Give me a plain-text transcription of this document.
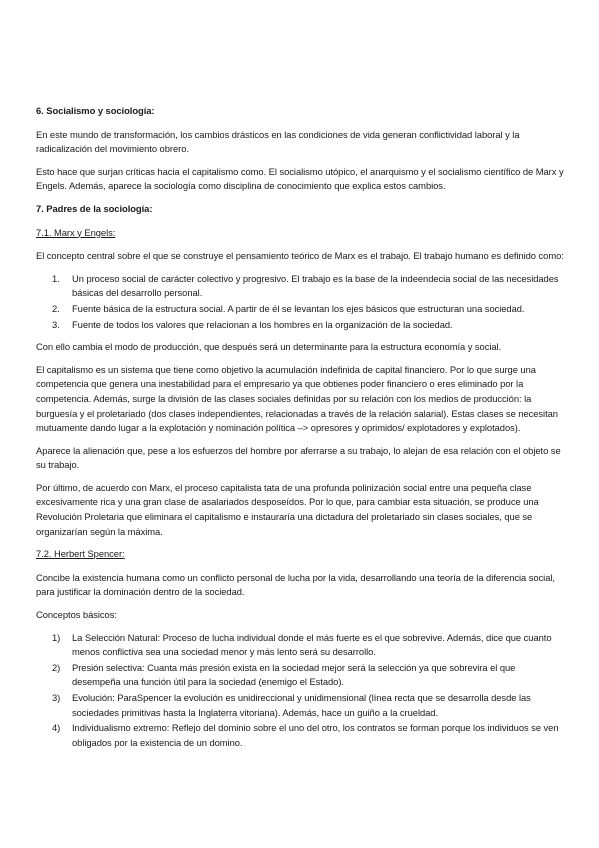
6. Socialismo y sociología:

En este mundo de transformación, los cambios drásticos en las condiciones de vida generan conflictividad laboral y la radicalización del movimiento obrero.

Esto hace que surjan críticas hacia el capitalismo como. El socialismo utópico, el anarquismo y el socialismo científico de Marx y Engels. Además, aparece la sociología como disciplina de conocimiento que explica estos cambios.

7. Padres de la sociología:

7.1. Marx y Engels:

El concepto central sobre el que se construye el pensamiento teórico de Marx es el trabajo. El trabajo humano es definido como:

1. Un proceso social de carácter colectivo y progresivo. El trabajo es la base de la indeendecia social de las necesidades básicas del desarrollo personal.
2. Fuente básica de la estructura social. A partir de él se levantan los ejes básicos que estructuran una sociedad.
3. Fuente de todos los valores que relacionan a los hombres en la organización de la sociedad.

Con ello cambia el modo de producción, que después será un determinante para la estructura economía y social.

El capitalismo es un sistema que tiene como objetivo la acumulación indefinida de capital financiero. Por lo que surge una competencia que genera una inestabilidad para el empresario ya que obtienes poder financiero o eres eliminado por la competencia. Además, surge la división de las clases sociales definidas por su relación con los medios de producción: la burguesía y el proletariado (dos clases independientes, relacionadas a través de la relación salarial). Estas clases se necesitan mutuamente dando lugar a la explotación y nominación política –> opresores y oprimidos/ explotadores y explotados).

Aparece la alienación que, pese a los esfuerzos del hombre por aferrarse a su trabajo, lo alejan de esa relación con el objeto se su trabajo.

Por último, de acuerdo con Marx, el proceso capitalista tata de una profunda polinización social entre una pequeña clase excesivamente rica y una gran clase de asalariados desposeídos. Por lo que, para cambiar esta situación, se produce una Revolución Proletaria que eliminara el capitalismo e instauraría una dictadura del proletariado sin clases sociales, que se organizarían según la máxima.

7.2. Herbert Spencer:

Concibe la existencia humana como un conflicto personal de lucha por la vida, desarrollando una teoría de la diferencia social, para justificar la dominación dentro de la sociedad.

Conceptos básicos:

1) La Selección Natural: Proceso de lucha individual donde el más fuerte es el que sobrevive. Además, dice que cuanto menos conflictiva sea una sociedad menor y más lento será su desarrollo.
2) Presión selectiva: Cuanta más presión exista en la sociedad mejor será la selección ya que sobrevira el que desempeña una función útil para la sociedad (enemigo el Estado).
3) Evolución: ParaSpencer la evolución es unidireccional y unidimensional (línea recta que se desarrolla desde las sociedades primitivas hasta la Inglaterra vitoriana). Además, hace un guiño a la crueldad.
4) Individualismo extremo: Reflejo del dominio sobre el uno del otro, los contratos se forman porque los individuos se ven obligados por la existencia de un domino.
